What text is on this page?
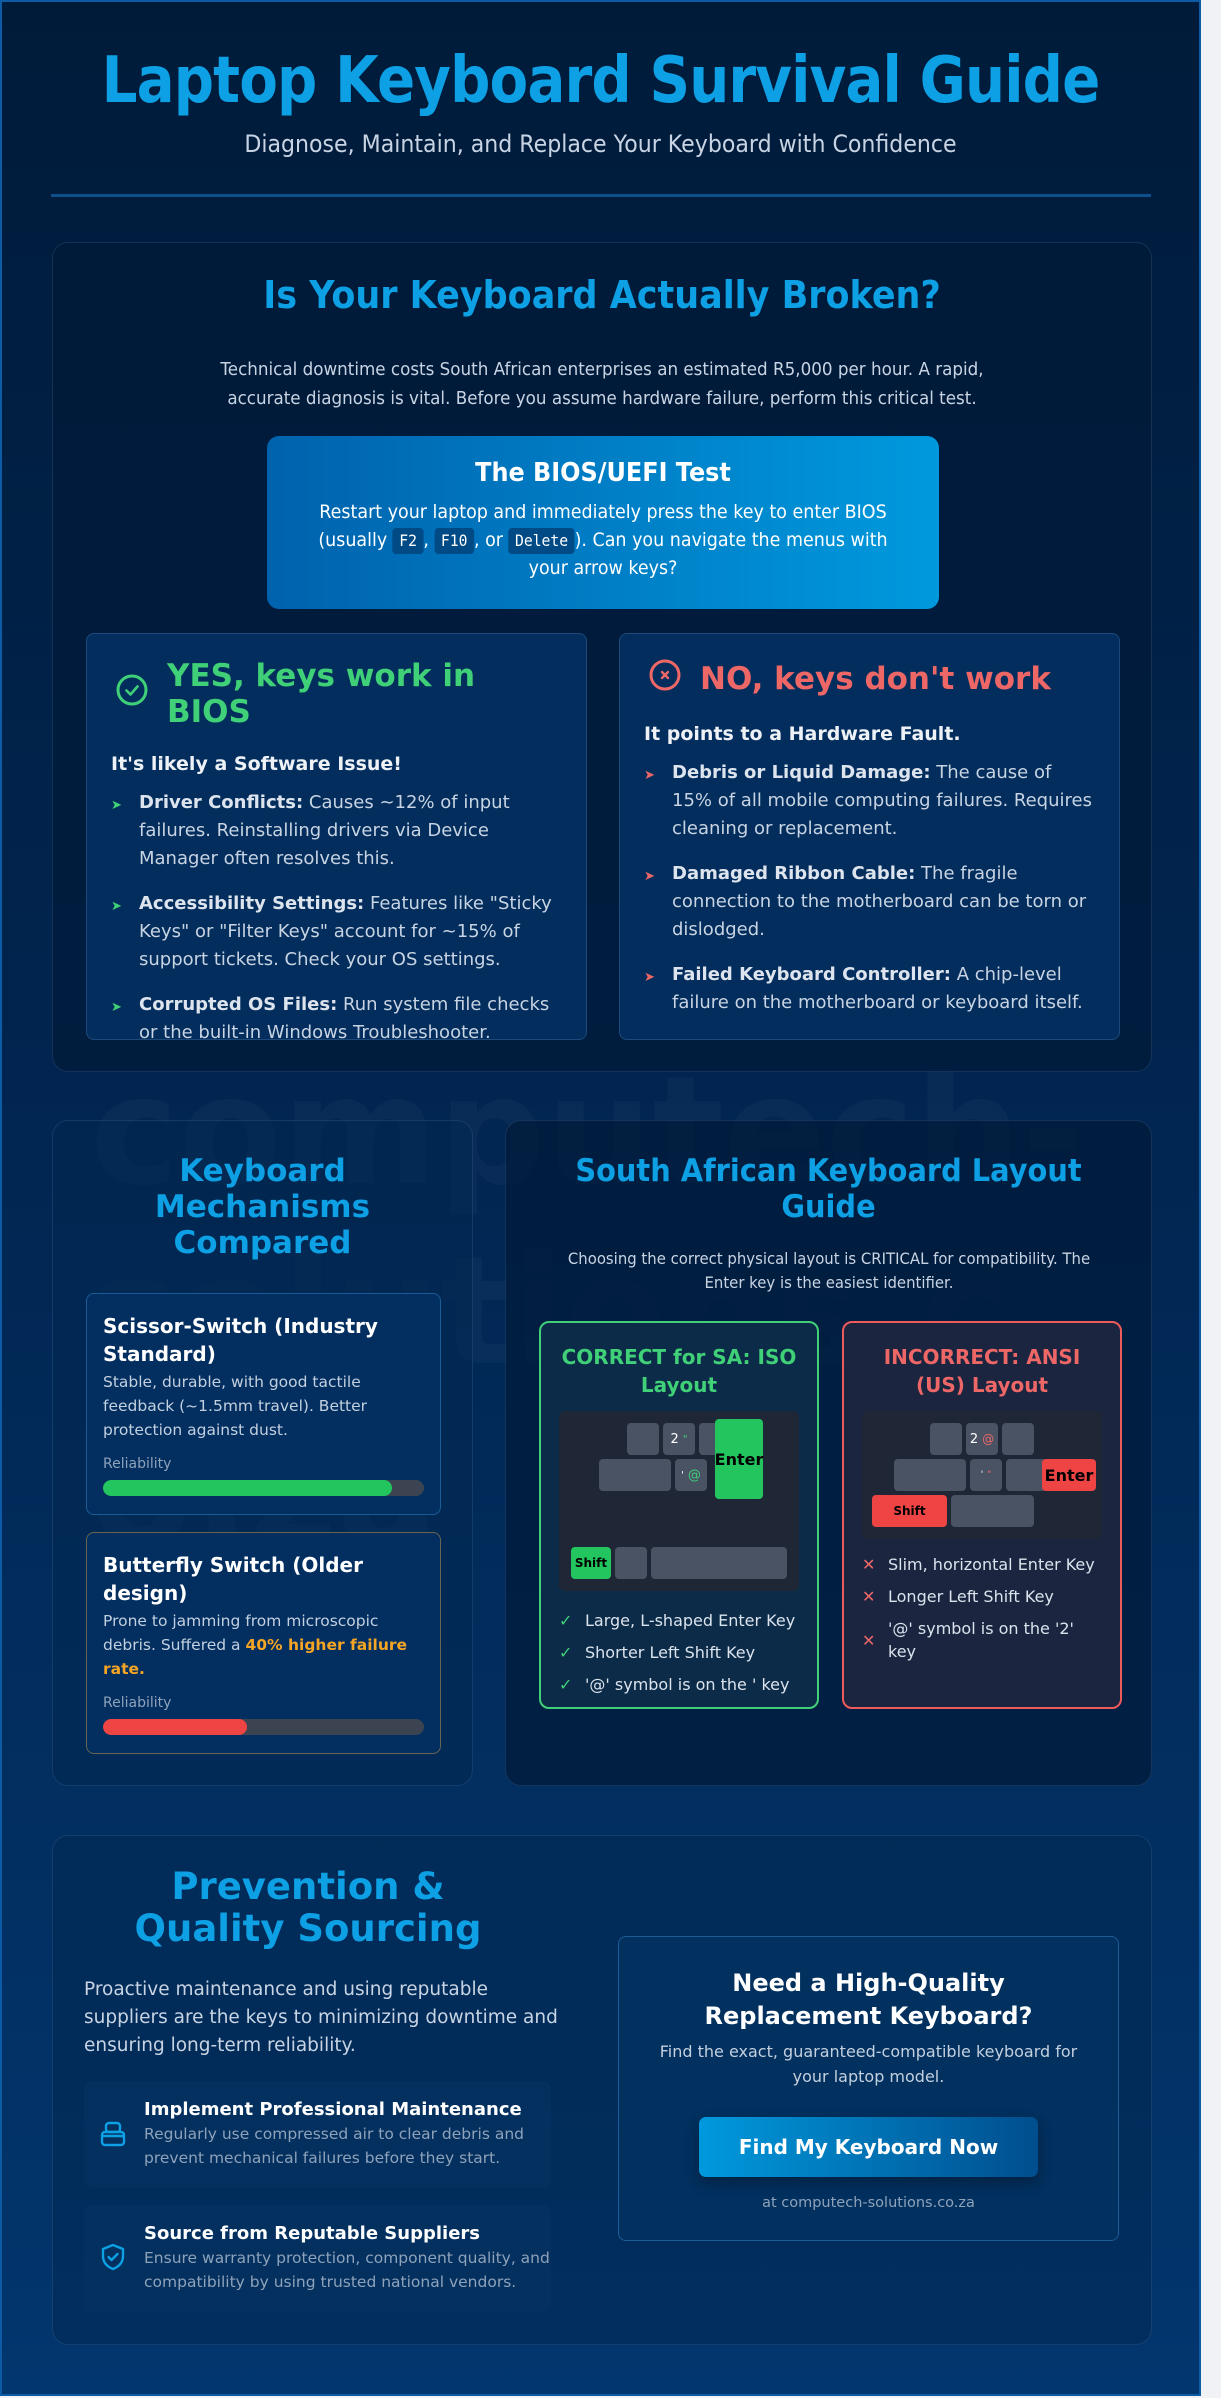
Laptop Keyboard Survival Guide
Diagnose, Maintain, and Replace Your Keyboard with Confidence
Is Your Keyboard Actually Broken?

Technical downtime costs South African enterprises an estimated R5,000 per hour. A rapid, accurate diagnosis is vital. Before you assume hardware failure, perform this critical test.

The BIOS/UEFI Test

Restart your laptop and immediately press the key to enter BIOS (usually F2 , F10 , or Delete ). Can you navigate the menus with your arrow keys?

YES, keys work in BIOS
It's likely a Software Issue!
➤ Driver Conflicts: Causes ~12% of input failures. Reinstalling drivers via Device Manager often resolves this.
➤ Accessibility Settings: Features like "Sticky Keys" or "Filter Keys" account for ~15% of support tickets. Check your OS settings.
➤ Corrupted OS Files: Run system file checks or the built-in Windows Troubleshooter.
NO, keys don't work
It points to a Hardware Fault.
➤ Debris or Liquid Damage: The cause of 15% of all mobile computing failures. Requires cleaning or replacement.
➤ Damaged Ribbon Cable: The fragile connection to the motherboard can be torn or dislodged.
➤ Failed Keyboard Controller: A chip-level failure on the motherboard or keyboard itself.
Keyboard Mechanisms Compared
Scissor-Switch (Industry Standard)

Stable, durable, with good tactile feedback (~1.5mm travel). Better protection against dust.

Reliability
Butterfly Switch (Older design)

Prone to jamming from microscopic debris. Suffered a 40% higher failure rate.

Reliability
South African Keyboard Layout Guide

Choosing the correct physical layout is CRITICAL for compatibility. The Enter key is the easiest identifier.

CORRECT for SA: ISO Layout
2 "
' @
Enter
Shift
✓ Large, L-shaped Enter Key
✓ Shorter Left Shift Key
✓ '@' symbol is on the ' key
INCORRECT: ANSI (US) Layout
2 @
' "	Enter
Shift
✕ Slim, horizontal Enter Key
✕ Longer Left Shift Key
✕
'@' symbol is on the '2' key
Prevention & Quality Sourcing

Proactive maintenance and using reputable suppliers are the keys to minimizing downtime and ensuring long-term reliability.

Implement Professional Maintenance

Regularly use compressed air to clear debris and prevent mechanical failures before they start.

Source from Reputable Suppliers

Ensure warranty protection, component quality, and compatibility by using trusted national vendors.

Need a High-Quality Replacement Keyboard?

Find the exact, guaranteed-compatible keyboard for your laptop model.

Find My Keyboard Now
at computech-solutions.co.za
